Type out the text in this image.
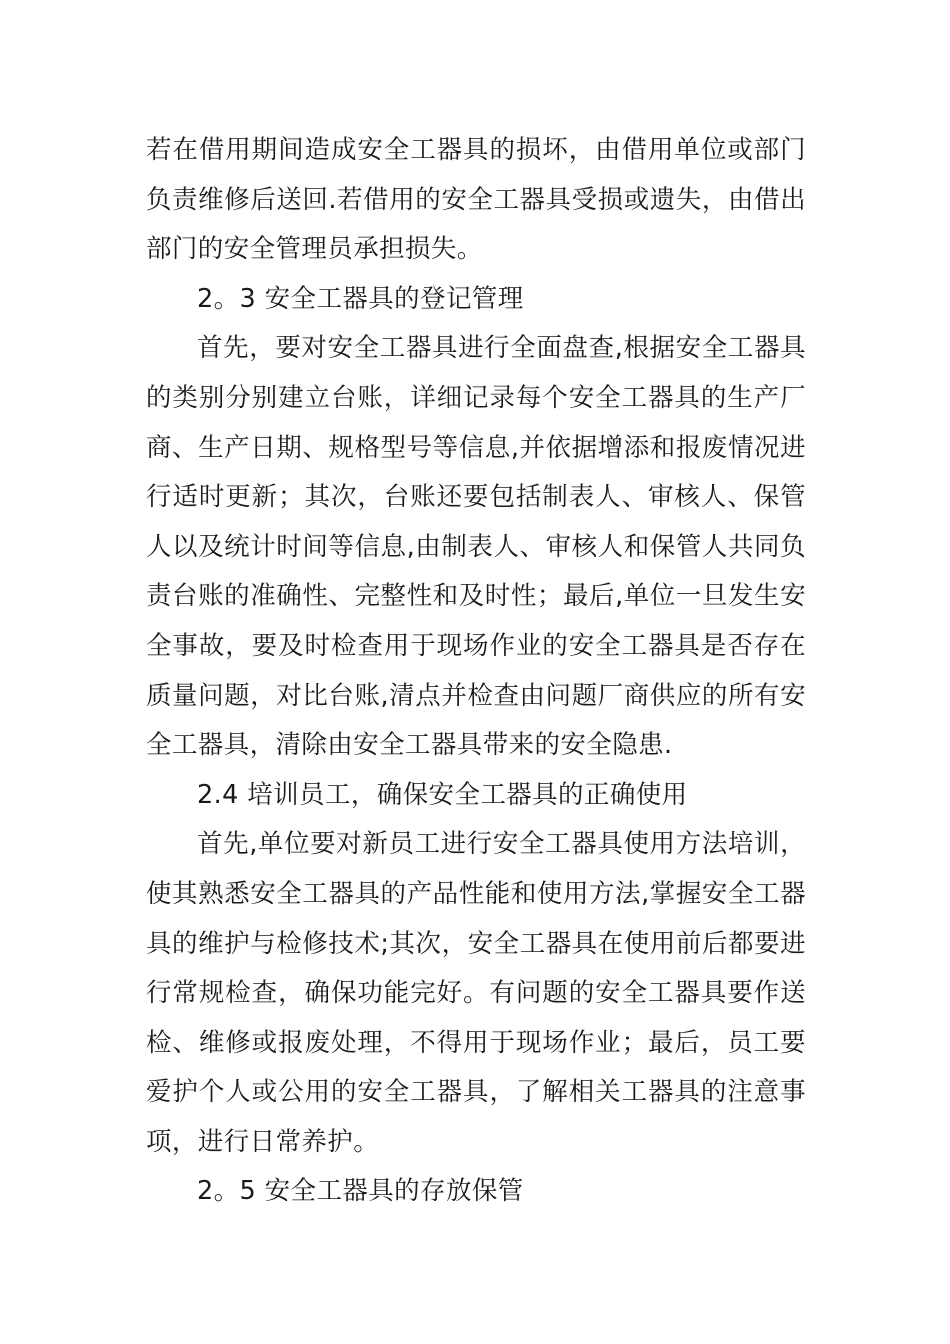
若在借用期间造成安全工器具的损坏，由借用单位或部门负责维修后送回.若借用的安全工器具受损或遗失，由借出部门的安全管理员承担损失。

2。3 安全工器具的登记管理

首先，要对安全工器具进行全面盘查,根据安全工器具的类别分别建立台账，详细记录每个安全工器具的生产厂商、生产日期、规格型号等信息,并依据增添和报废情况进行适时更新；其次，台账还要包括制表人、审核人、保管人以及统计时间等信息,由制表人、审核人和保管人共同负责台账的准确性、完整性和及时性；最后,单位一旦发生安全事故，要及时检查用于现场作业的安全工器具是否存在质量问题，对比台账,清点并检查由问题厂商供应的所有安全工器具，清除由安全工器具带来的安全隐患.

2.4 培训员工，确保安全工器具的正确使用

首先,单位要对新员工进行安全工器具使用方法培训，使其熟悉安全工器具的产品性能和使用方法,掌握安全工器具的维护与检修技术;其次，安全工器具在使用前后都要进行常规检查，确保功能完好。有问题的安全工器具要作送检、维修或报废处理，不得用于现场作业；最后，员工要爱护个人或公用的安全工器具，了解相关工器具的注意事项，进行日常养护。

2。5 安全工器具的存放保管
